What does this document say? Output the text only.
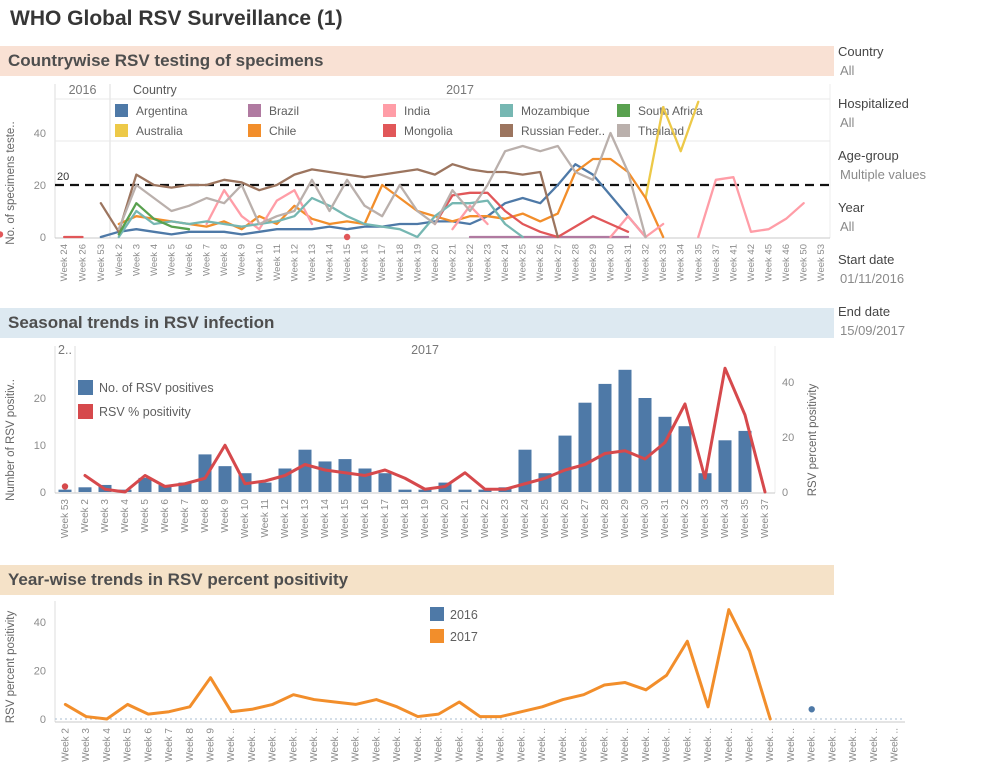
WHO Global RSV Surveillance (1)
Countrywise RSV testing of specimens
2016	2017
Country
Argentina
Australia
Brazil
Chile
India
Mongolia
Mozambique
Russian Feder..
South Africa
Thailand
20
0
20
40
No. of specimens teste..
Week 24 Week 26 Week 53 Week 2 Week 3 Week 4 Week 5 Week 6 Week 7 Week 8 Week 9 Week 10 Week 11 Week 12 Week 13 Week 14 Week 15 Week 16 Week 17 Week 18 Week 19 Week 20 Week 21 Week 22 Week 23 Week 24 Week 25 Week 26 Week 27 Week 28 Week 29 Week 30 Week 31 Week 32 Week 33 Week 34 Week 35 Week 37 Week 41 Week 42 Week 45 Week 46 Week 50 Week 53
Seasonal trends in RSV infection
2..	2017
No. of RSV positives
RSV % positivity
0
10
20
0
20
40
Number of RSV positiv..	RSV percent positivity
Week 53 Week 2 Week 3 Week 4 Week 5 Week 6 Week 7 Week 8 Week 9 Week 10 Week 11 Week 12 Week 13 Week 14 Week 15 Week 16 Week 17 Week 18 Week 19 Week 20 Week 21 Week 22 Week 23 Week 24 Week 25 Week 26 Week 27 Week 28 Week 29 Week 30 Week 31 Week 32 Week 33 Week 34 Week 35 Week 37
Year-wise trends in RSV percent positivity
2016
2017
0
20
40
RSV percent positivity
Week 2 Week 3 Week 4 Week 5 Week 6 Week 7 Week 8 Week 9 Week .. Week .. Week .. Week .. Week .. Week .. Week .. Week .. Week .. Week .. Week .. Week .. Week .. Week .. Week .. Week .. Week .. Week .. Week .. Week .. Week .. Week .. Week .. Week .. Week .. Week .. Week .. Week .. Week .. Week .. Week .. Week .. Week ..
Country
All
Hospitalized
All
Age-group
Multiple values
Year
All
Start date
01/11/2016
End date
15/09/2017
